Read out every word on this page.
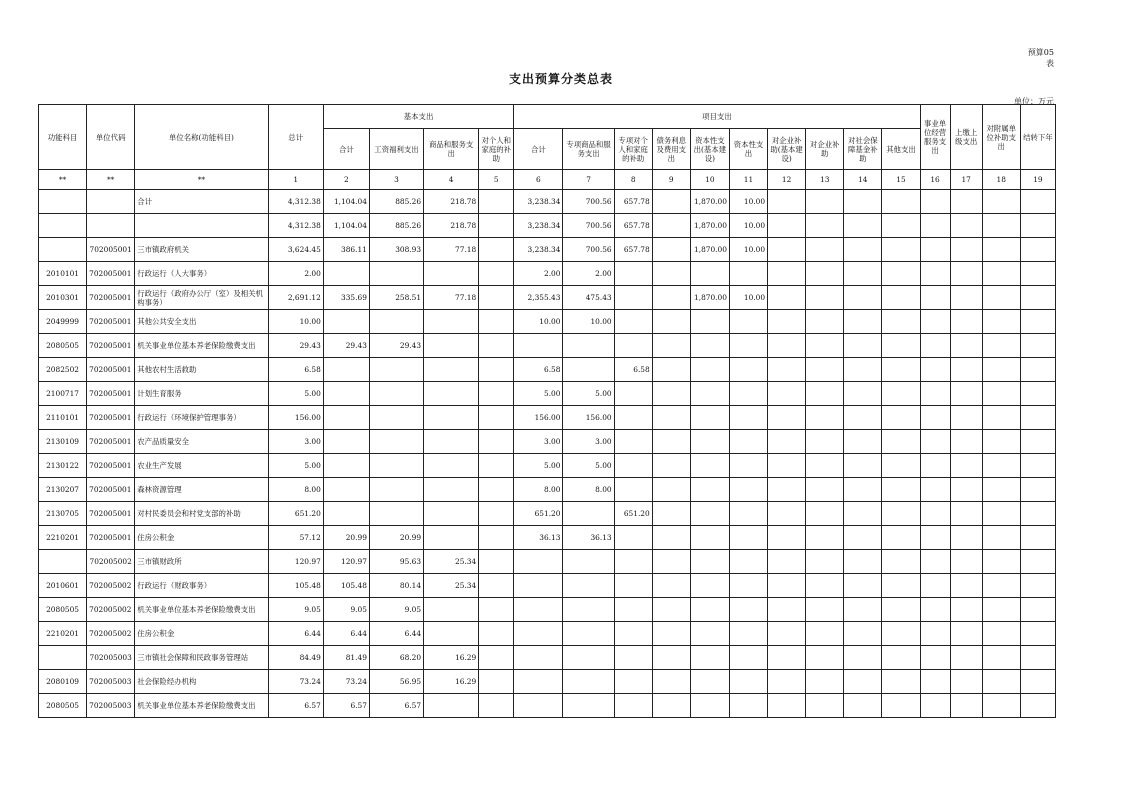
预算05
表
支出预算分类总表
单位：万元
功能科目	单位代码	单位名称(功能科目)	总计	基本支出				项目支出										事业单位经营服务支出	上缴上级支出	对附属单位补助支出	结转下年
				合计	工资福利支出	商品和服务支出	对个人和家庭的补助	合计	专项商品和服务支出	专项对个人和家庭的补助	债务利息及费用支出	资本性支出(基本建设)	资本性支出	对企业补助(基本建设)	对企业补助	对社会保障基金补助	其他支出				
**	**	**	1	2	3	4	5	6	7	8	9	10	11	12	13	14	15	16	17	18	19
		合计	4,312.38	1,104.04	885.26	218.78		3,238.34	700.56	657.78		1,870.00	10.00								
			4,312.38	1,104.04	885.26	218.78		3,238.34	700.56	657.78		1,870.00	10.00								
	702005001	三市镇政府机关	3,624.45	386.11	308.93	77.18		3,238.34	700.56	657.78		1,870.00	10.00								
2010101	702005001	行政运行（人大事务）	2.00					2.00	2.00												
2010301	702005001	行政运行（政府办公厅（室）及相关机构事务）	2,691.12	335.69	258.51	77.18		2,355.43	475.43			1,870.00	10.00								
2049999	702005001	其他公共安全支出	10.00					10.00	10.00												
2080505	702005001	机关事业单位基本养老保险缴费支出	29.43	29.43	29.43																
2082502	702005001	其他农村生活救助	6.58					6.58		6.58											
2100717	702005001	计划生育服务	5.00					5.00	5.00												
2110101	702005001	行政运行（环境保护管理事务）	156.00					156.00	156.00												
2130109	702005001	农产品质量安全	3.00					3.00	3.00												
2130122	702005001	农业生产发展	5.00					5.00	5.00												
2130207	702005001	森林资源管理	8.00					8.00	8.00												
2130705	702005001	对村民委员会和村党支部的补助	651.20					651.20		651.20											
2210201	702005001	住房公积金	57.12	20.99	20.99			36.13	36.13												
	702005002	三市镇财政所	120.97	120.97	95.63	25.34															
2010601	702005002	行政运行（财政事务）	105.48	105.48	80.14	25.34															
2080505	702005002	机关事业单位基本养老保险缴费支出	9.05	9.05	9.05																
2210201	702005002	住房公积金	6.44	6.44	6.44																
	702005003	三市镇社会保障和民政事务管理站	84.49	81.49	68.20	16.29															
2080109	702005003	社会保险经办机构	73.24	73.24	56.95	16.29															
2080505	702005003	机关事业单位基本养老保险缴费支出	6.57	6.57	6.57																
